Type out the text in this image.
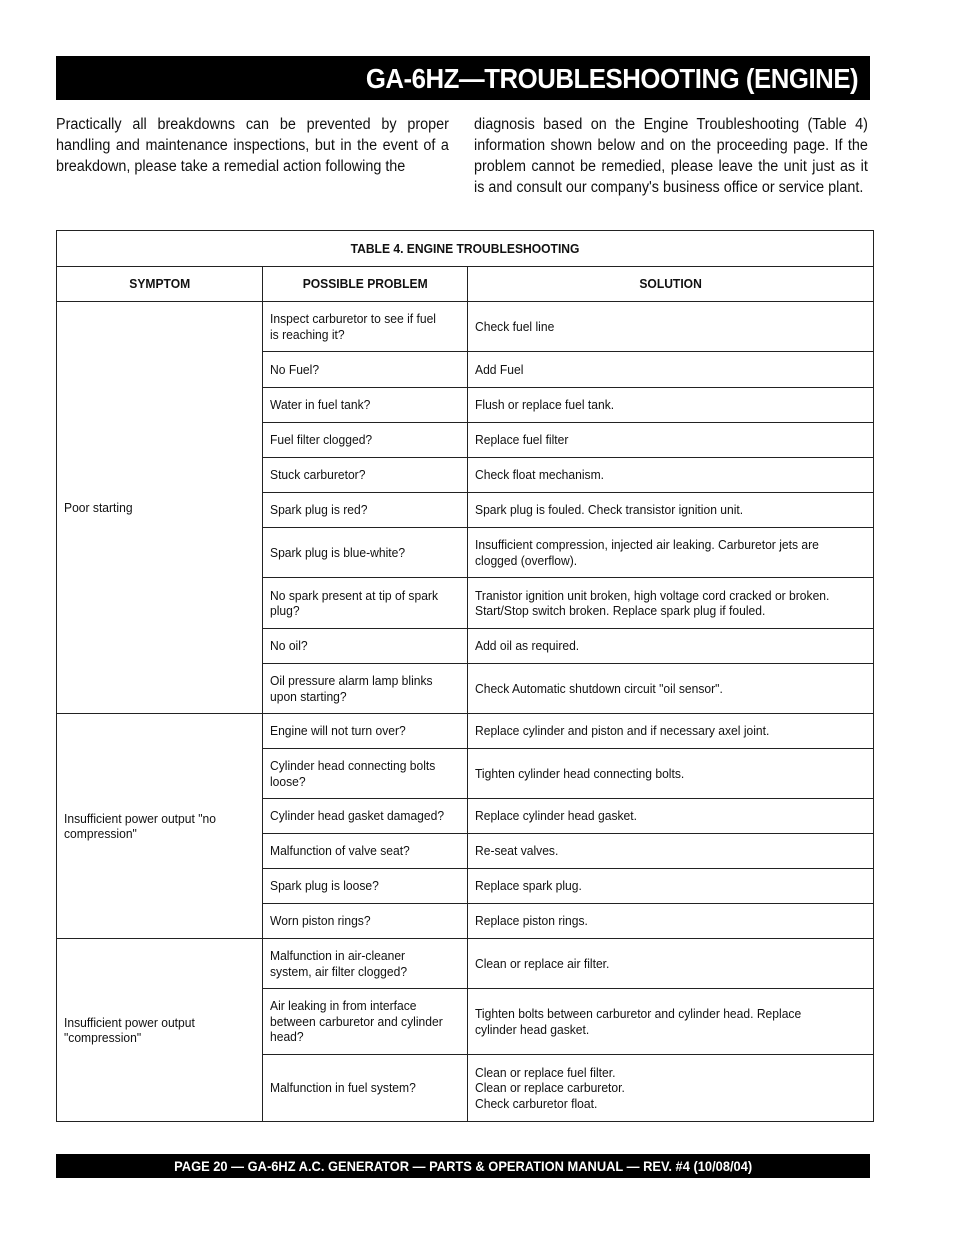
GA-6HZ—TROUBLESHOOTING (ENGINE)
Practically all breakdowns can be prevented by proper handling and maintenance inspections, but in the event of a breakdown, please take a remedial action following the
diagnosis based on the Engine Troubleshooting (Table 4) information shown below and on the proceeding page. If the problem cannot be remedied, please leave the unit just as it is and consult our company's business office or service plant.
TABLE 4. ENGINE TROUBLESHOOTING		
SYMPTOM	POSSIBLE PROBLEM	SOLUTION
Poor starting	Inspect carburetor to see if fuel is reaching it?	Check fuel line
	No Fuel?	Add Fuel
	Water in fuel tank?	Flush or replace fuel tank.
	Fuel filter clogged?	Replace fuel filter
	Stuck carburetor?	Check float mechanism.
	Spark plug is red?	Spark plug is fouled. Check transistor ignition unit.
	Spark plug is blue-white?	Insufficient compression, injected air leaking. Carburetor jets are clogged (overflow).
	No spark present at tip of spark plug?	Tranistor ignition unit broken, high voltage cord cracked or broken. Start/Stop switch broken. Replace spark plug if fouled.
	No oil?	Add oil as required.
	Oil pressure alarm lamp blinks upon starting?	Check Automatic shutdown circuit "oil sensor".
Insufficient power output "no compression"	Engine will not turn over?	Replace cylinder and piston and if necessary axel joint.
	Cylinder head connecting bolts loose?	Tighten cylinder head connecting bolts.
	Cylinder head gasket damaged?	Replace cylinder head gasket.
	Malfunction of valve seat?	Re-seat valves.
	Spark plug is loose?	Replace spark plug.
	Worn piston rings?	Replace piston rings.
Insufficient power output "compression"	Malfunction in air-cleaner system, air filter clogged?	Clean or replace air filter.
	Air leaking in from interface between carburetor and cylinder head?	Tighten bolts between carburetor and cylinder head. Replace cylinder head gasket.
	Malfunction in fuel system?	Clean or replace fuel filter.
Clean or replace carburetor.
Check carburetor float.
PAGE 20 — GA-6HZ A.C. GENERATOR — PARTS & OPERATION MANUAL — REV. #4 (10/08/04)
